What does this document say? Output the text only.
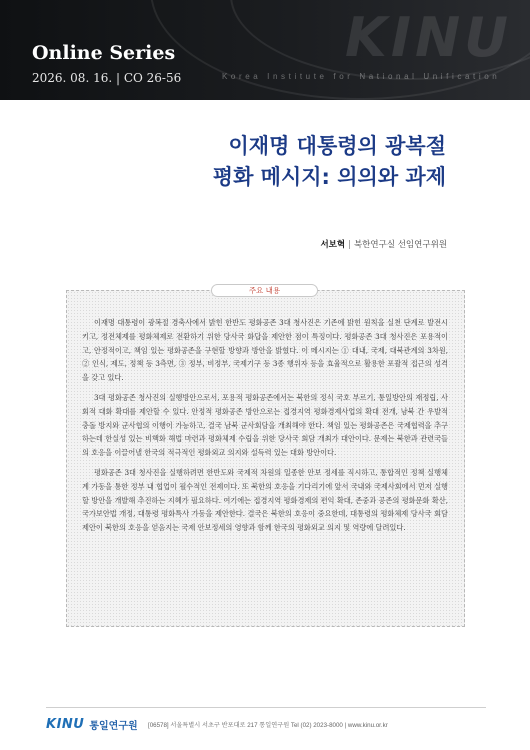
KINU
Online Series
2026. 08. 16. | CO 26-56	Korea Institute for National Unification
이재명 대통령의 광복절
평화 메시지: 의의와 과제
서보혁 | 북한연구실 선임연구위원
주요 내용

이재명 대통령이 광복절 경축사에서 밝힌 한반도 평화공존 3대 청사진은 기존에 밝힌 원칙을 실천 단계로 발전시키고, 정전체제를 평화체제로 전환하기 위한 당사국 화답을 제안한 점이 특징이다. 평화공존 3대 청사진은 포용적이고, 안정적이고, 책임 있는 평화공존을 구현할 방향과 방안을 밝혔다. 이 메시지는 ① 대내, 국제, 대북관계의 3차원, ② 인식, 제도, 정책 등 3측면, ③ 정부, 비정부, 국제기구 등 3종 행위자 등을 효율적으로 활용한 포괄적 접근의 성격을 갖고 있다.

3대 평화공존 청사진의 실행방안으로서, 포용적 평화공존에서는 북한의 정식 국호 부르기, 통일방안의 재정립, 사회적 대화 확대를 제안할 수 있다. 안정적 평화공존 방안으로는 접경지역 평화경제사업의 확대 전개, 남북 간 우발적 충돌 방지와 군사협의 이행이 가능하고, 결국 남북 군사회담을 개최해야 한다. 책임 있는 평화공존은 국제협력을 추구하는데 한실성 있는 비핵화 해법 마련과 평화체제 수립을 위한 당사국 회담 개최가 대안이다. 문제는 북한과 관련국들의 호응을 이끌어낼 한국의 적극적인 평화외교 의지와 설득력 있는 대화 방안이다.

평화공존 3대 청사진을 실행하려면 한반도와 국제적 차원의 일종한 안보 정세를 직시하고, 통합적인 정책 실행체계 가동을 통한 정부 내 협업이 필수적인 전제이다. 또 북한의 호응을 기다리기에 앞서 국내와 국제사회에서 먼저 실행할 방안을 개발해 추진하는 지혜가 필요하다. 여기에는 접경지역 평화경제의 편익 확대, 존중과 공존의 평화문화 확산, 국가보안법 개정, 대통령 평화특사 가동을 제안한다. 결국은 북한의 호응이 중요한데, 대통령의 평화체제 당사국 회담 제안이 북한의 호응을 얻음지는 국제 안보정세의 영향과 함께 한국의 평화외교 의지 및 역량에 달려있다.

KINU 통일연구원 [06578] 서울특별시 서초구 반포대로 217 통일연구원 Tel (02) 2023-8000 | www.kinu.or.kr
